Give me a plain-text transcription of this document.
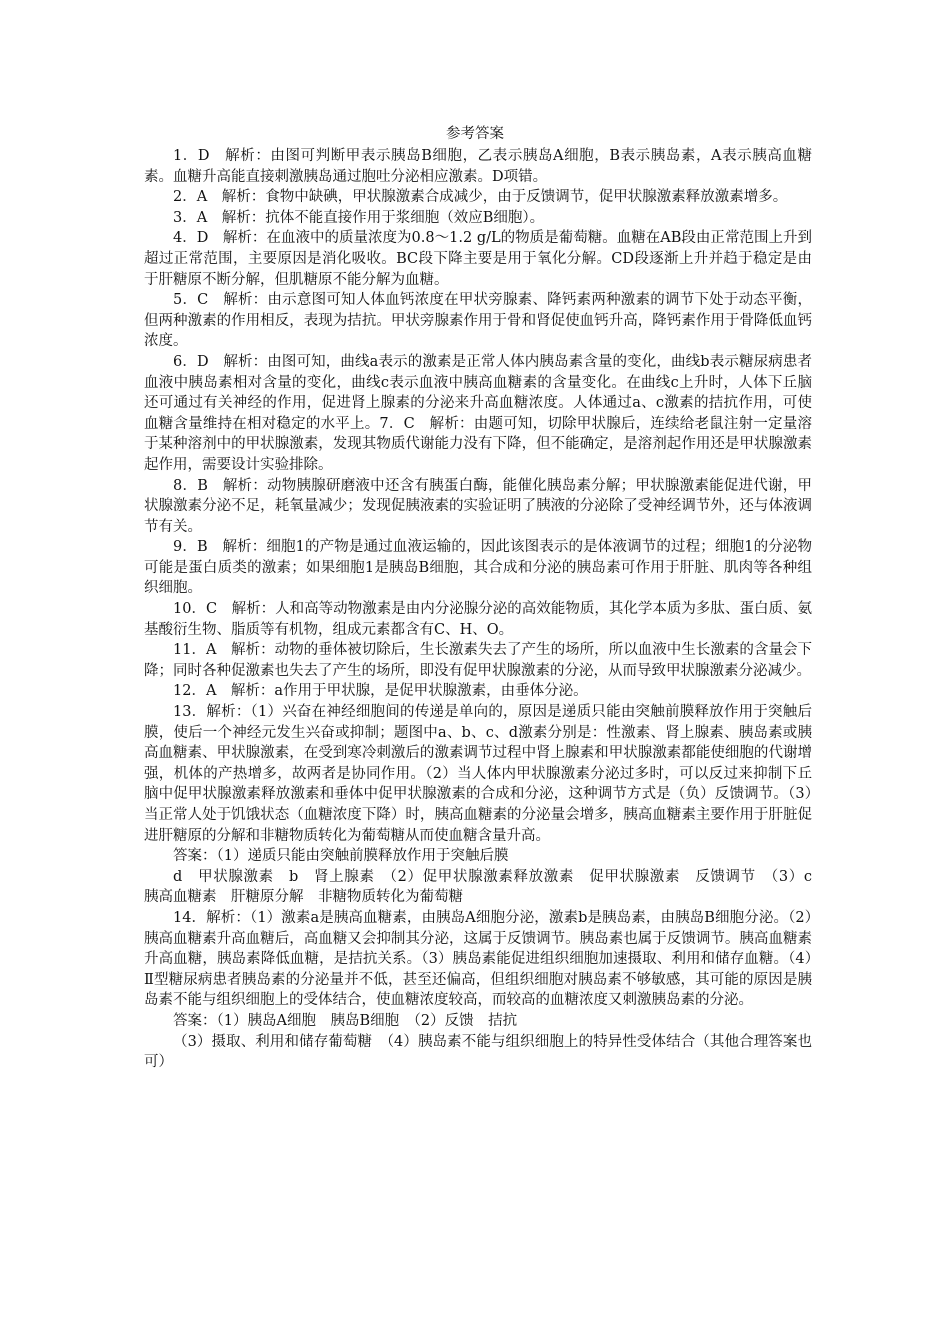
参考答案

1．D　解析：由图可判断甲表示胰岛B细胞，乙表示胰岛A细胞，B表示胰岛素，A表示胰高血糖素。血糖升高能直接刺激胰岛通过胞吐分泌相应激素。D项错。

2．A　解析：食物中缺碘，甲状腺激素合成减少，由于反馈调节，促甲状腺激素释放激素增多。

3．A　解析：抗体不能直接作用于浆细胞（效应B细胞）。

4．D　解析：在血液中的质量浓度为0.8～1.2 g/L的物质是葡萄糖。血糖在AB段由正常范围上升到超过正常范围，主要原因是消化吸收。BC段下降主要是用于氧化分解。CD段逐渐上升并趋于稳定是由于肝糖原不断分解，但肌糖原不能分解为血糖。

5．C　解析：由示意图可知人体血钙浓度在甲状旁腺素、降钙素两种激素的调节下处于动态平衡，但两种激素的作用相反，表现为拮抗。甲状旁腺素作用于骨和肾促使血钙升高，降钙素作用于骨降低血钙浓度。

6．D　解析：由图可知，曲线a表示的激素是正常人体内胰岛素含量的变化，曲线b表示糖尿病患者血液中胰岛素相对含量的变化，曲线c表示血液中胰高血糖素的含量变化。在曲线c上升时，人体下丘脑还可通过有关神经的作用，促进肾上腺素的分泌来升高血糖浓度。人体通过a、c激素的拮抗作用，可使血糖含量维持在相对稳定的水平上。7．C　解析：由题可知，切除甲状腺后，连续给老鼠注射一定量溶于某种溶剂中的甲状腺激素，发现其物质代谢能力没有下降，但不能确定，是溶剂起作用还是甲状腺激素起作用，需要设计实验排除。

8．B　解析：动物胰腺研磨液中还含有胰蛋白酶，能催化胰岛素分解；甲状腺激素能促进代谢，甲状腺激素分泌不足，耗氧量减少；发现促胰液素的实验证明了胰液的分泌除了受神经调节外，还与体液调节有关。

9．B　解析：细胞1的产物是通过血液运输的，因此该图表示的是体液调节的过程；细胞1的分泌物可能是蛋白质类的激素；如果细胞1是胰岛B细胞，其合成和分泌的胰岛素可作用于肝脏、肌肉等各种组织细胞。

10．C　解析：人和高等动物激素是由内分泌腺分泌的高效能物质，其化学本质为多肽、蛋白质、氨基酸衍生物、脂质等有机物，组成元素都含有C、H、O。

11．A　解析：动物的垂体被切除后，生长激素失去了产生的场所，所以血液中生长激素的含量会下降；同时各种促激素也失去了产生的场所，即没有促甲状腺激素的分泌，从而导致甲状腺激素分泌减少。

12．A　解析：a作用于甲状腺，是促甲状腺激素，由垂体分泌。

13．解析：（1）兴奋在神经细胞间的传递是单向的，原因是递质只能由突触前膜释放作用于突触后膜，使后一个神经元发生兴奋或抑制；题图中a、b、c、d激素分别是：性激素、肾上腺素、胰岛素或胰高血糖素、甲状腺激素，在受到寒冷刺激后的激素调节过程中肾上腺素和甲状腺激素都能使细胞的代谢增强，机体的产热增多，故两者是协同作用。（2）当人体内甲状腺激素分泌过多时，可以反过来抑制下丘脑中促甲状腺激素释放激素和垂体中促甲状腺激素的合成和分泌，这种调节方式是（负）反馈调节。（3）当正常人处于饥饿状态（血糖浓度下降）时，胰高血糖素的分泌量会增多，胰高血糖素主要作用于肝脏促进肝糖原的分解和非糖物质转化为葡萄糖从而使血糖含量升高。

答案：（1）递质只能由突触前膜释放作用于突触后膜

d　甲状腺激素　b　肾上腺素　（2）促甲状腺激素释放激素　促甲状腺激素　反馈调节　（3）c　胰高血糖素　肝糖原分解　非糖物质转化为葡萄糖

14．解析：（1）激素a是胰高血糖素，由胰岛A细胞分泌，激素b是胰岛素，由胰岛B细胞分泌。（2）胰高血糖素升高血糖后，高血糖又会抑制其分泌，这属于反馈调节。胰岛素也属于反馈调节。胰高血糖素升高血糖，胰岛素降低血糖，是拮抗关系。（3）胰岛素能促进组织细胞加速摄取、利用和储存血糖。（4）Ⅱ型糖尿病患者胰岛素的分泌量并不低，甚至还偏高，但组织细胞对胰岛素不够敏感，其可能的原因是胰岛素不能与组织细胞上的受体结合，使血糖浓度较高，而较高的血糖浓度又刺激胰岛素的分泌。

答案：（1）胰岛A细胞　胰岛B细胞　（2）反馈　拮抗

（3）摄取、利用和储存葡萄糖　（4）胰岛素不能与组织细胞上的特异性受体结合（其他合理答案也可）
